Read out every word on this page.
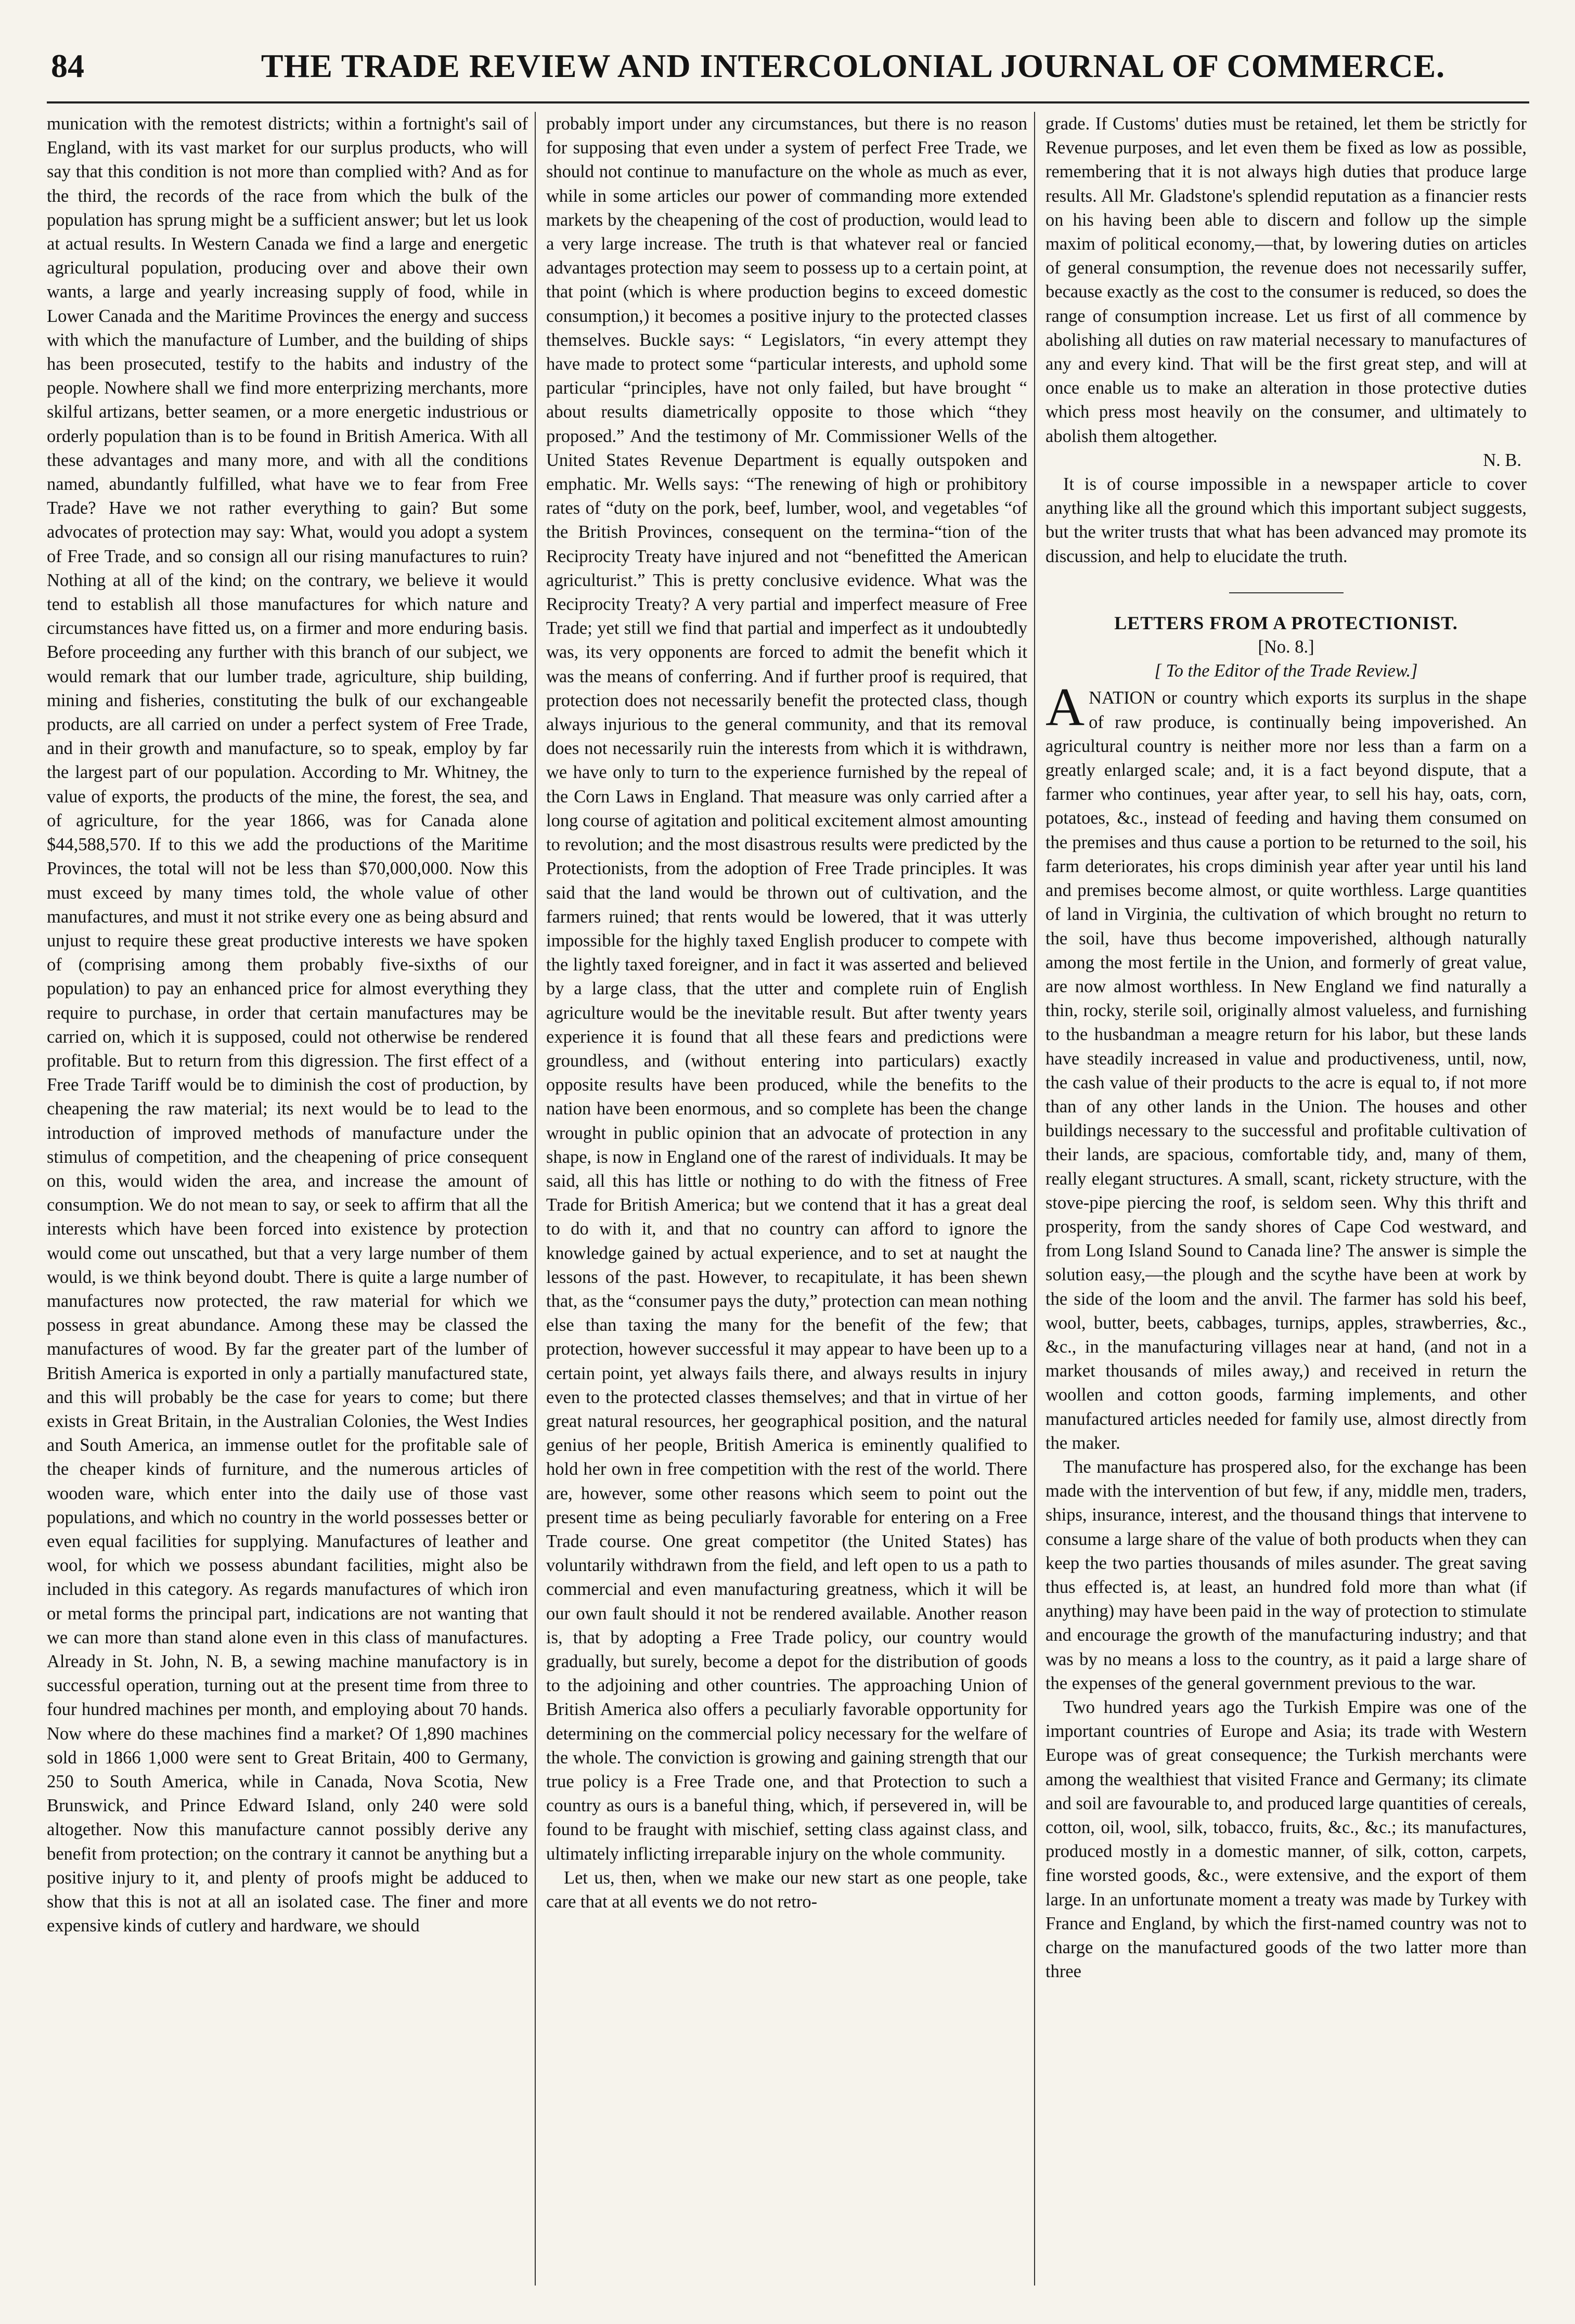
84	THE TRADE REVIEW AND INTERCOLONIAL JOURNAL OF COMMERCE.

munication with the remotest districts; within a fortnight's sail of England, with its vast market for our surplus products, who will say that this condition is not more than complied with? And as for the third, the records of the race from which the bulk of the population has sprung might be a sufficient answer; but let us look at actual results. In Western Canada we find a large and energetic agricultural population, producing over and above their own wants, a large and yearly increasing supply of food, while in Lower Canada and the Maritime Provinces the energy and success with which the manufacture of Lumber, and the building of ships has been prosecuted, testify to the habits and industry of the people. Nowhere shall we find more enterprizing merchants, more skilful artizans, better seamen, or a more energetic industrious or orderly population than is to be found in British America. With all these advantages and many more, and with all the conditions named, abundantly fulfilled, what have we to fear from Free Trade? Have we not rather everything to gain? But some advocates of protection may say: What, would you adopt a system of Free Trade, and so consign all our rising manufactures to ruin? Nothing at all of the kind; on the contrary, we believe it would tend to establish all those manufactures for which nature and circumstances have fitted us, on a firmer and more enduring basis. Before proceeding any further with this branch of our subject, we would remark that our lumber trade, agriculture, ship building, mining and fisheries, constituting the bulk of our exchangeable products, are all carried on under a perfect system of Free Trade, and in their growth and manufacture, so to speak, employ by far the largest part of our population. According to Mr. Whitney, the value of exports, the products of the mine, the forest, the sea, and of agriculture, for the year 1866, was for Canada alone $44,588,570. If to this we add the productions of the Maritime Provinces, the total will not be less than $70,000,000. Now this must exceed by many times told, the whole value of other manufactures, and must it not strike every one as being absurd and unjust to require these great productive interests we have spoken of (comprising among them probably five-sixths of our population) to pay an enhanced price for almost everything they require to purchase, in order that certain manufactures may be carried on, which it is supposed, could not otherwise be rendered profitable. But to return from this digression. The first effect of a Free Trade Tariff would be to diminish the cost of production, by cheapening the raw material; its next would be to lead to the introduction of improved methods of manufacture under the stimulus of competition, and the cheapening of price consequent on this, would widen the area, and increase the amount of consumption. We do not mean to say, or seek to affirm that all the interests which have been forced into existence by protection would come out unscathed, but that a very large number of them would, is we think beyond doubt. There is quite a large number of manufactures now protected, the raw material for which we possess in great abundance. Among these may be classed the manufactures of wood. By far the greater part of the lumber of British America is exported in only a partially manufactured state, and this will probably be the case for years to come; but there exists in Great Britain, in the Australian Colonies, the West Indies and South America, an immense outlet for the profitable sale of the cheaper kinds of furniture, and the numerous articles of wooden ware, which enter into the daily use of those vast populations, and which no country in the world possesses better or even equal facilities for supplying. Manufactures of leather and wool, for which we possess abundant facilities, might also be included in this category. As regards manufactures of which iron or metal forms the principal part, indications are not wanting that we can more than stand alone even in this class of manufactures. Already in St. John, N. B, a sewing machine manufactory is in successful operation, turning out at the present time from three to four hundred machines per month, and employing about 70 hands. Now where do these machines find a market? Of 1,890 machines sold in 1866 1,000 were sent to Great Britain, 400 to Germany, 250 to South America, while in Canada, Nova Scotia, New Brunswick, and Prince Edward Island, only 240 were sold altogether. Now this manufacture cannot possibly derive any benefit from protection; on the contrary it cannot be anything but a positive injury to it, and plenty of proofs might be adduced to show that this is not at all an isolated case. The finer and more expensive kinds of cutlery and hardware, we should

probably import under any circumstances, but there is no reason for supposing that even under a system of perfect Free Trade, we should not continue to manufacture on the whole as much as ever, while in some articles our power of commanding more extended markets by the cheapening of the cost of production, would lead to a very large increase. The truth is that whatever real or fancied advantages protection may seem to possess up to a certain point, at that point (which is where production begins to exceed domestic consumption,) it becomes a positive injury to the protected classes themselves. Buckle says: “ Legislators, “in every attempt they have made to protect some “particular interests, and uphold some particular “principles, have not only failed, but have brought “ about results diametrically opposite to those which “they proposed.” And the testimony of Mr. Commissioner Wells of the United States Revenue Department is equally outspoken and emphatic. Mr. Wells says: “The renewing of high or prohibitory rates of “duty on the pork, beef, lumber, wool, and vegetables “of the British Provinces, consequent on the termina-“tion of the Reciprocity Treaty have injured and not “benefitted the American agriculturist.” This is pretty conclusive evidence. What was the Reciprocity Treaty? A very partial and imperfect measure of Free Trade; yet still we find that partial and imperfect as it undoubtedly was, its very opponents are forced to admit the benefit which it was the means of conferring. And if further proof is required, that protection does not necessarily benefit the protected class, though always injurious to the general community, and that its removal does not necessarily ruin the interests from which it is withdrawn, we have only to turn to the experience furnished by the repeal of the Corn Laws in England. That measure was only carried after a long course of agitation and political excitement almost amounting to revolution; and the most disastrous results were predicted by the Protectionists, from the adoption of Free Trade principles. It was said that the land would be thrown out of cultivation, and the farmers ruined; that rents would be lowered, that it was utterly impossible for the highly taxed English producer to compete with the lightly taxed foreigner, and in fact it was asserted and believed by a large class, that the utter and complete ruin of English agriculture would be the inevitable result. But after twenty years experience it is found that all these fears and predictions were groundless, and (without entering into particulars) exactly opposite results have been produced, while the benefits to the nation have been enormous, and so complete has been the change wrought in public opinion that an advocate of protection in any shape, is now in England one of the rarest of individuals. It may be said, all this has little or nothing to do with the fitness of Free Trade for British America; but we contend that it has a great deal to do with it, and that no country can afford to ignore the knowledge gained by actual experience, and to set at naught the lessons of the past. However, to recapitulate, it has been shewn that, as the “consumer pays the duty,” protection can mean nothing else than taxing the many for the benefit of the few; that protection, however successful it may appear to have been up to a certain point, yet always fails there, and always results in injury even to the protected classes themselves; and that in virtue of her great natural resources, her geographical position, and the natural genius of her people, British America is eminently qualified to hold her own in free competition with the rest of the world. There are, however, some other reasons which seem to point out the present time as being peculiarly favorable for entering on a Free Trade course. One great competitor (the United States) has voluntarily withdrawn from the field, and left open to us a path to commercial and even manufacturing greatness, which it will be our own fault should it not be rendered available. Another reason is, that by adopting a Free Trade policy, our country would gradually, but surely, become a depot for the distribution of goods to the adjoining and other countries. The approaching Union of British America also offers a peculiarly favorable opportunity for determining on the commercial policy necessary for the welfare of the whole. The conviction is growing and gaining strength that our true policy is a Free Trade one, and that Protection to such a country as ours is a baneful thing, which, if persevered in, will be found to be fraught with mischief, setting class against class, and ultimately inflicting irreparable injury on the whole community.

Let us, then, when we make our new start as one people, take care that at all events we do not retro-

grade. If Customs' duties must be retained, let them be strictly for Revenue purposes, and let even them be fixed as low as possible, remembering that it is not always high duties that produce large results. All Mr. Gladstone's splendid reputation as a financier rests on his having been able to discern and follow up the simple maxim of political economy,—that, by lowering duties on articles of general consumption, the revenue does not necessarily suffer, because exactly as the cost to the consumer is reduced, so does the range of consumption increase. Let us first of all commence by abolishing all duties on raw material necessary to manufactures of any and every kind. That will be the first great step, and will at once enable us to make an alteration in those protective duties which press most heavily on the consumer, and ultimately to abolish them altogether.

N. B.

It is of course impossible in a newspaper article to cover anything like all the ground which this important subject suggests, but the writer trusts that what has been advanced may promote its discussion, and help to elucidate the truth.

LETTERS FROM A PROTECTIONIST.

[No. 8.]

[ To the Editor of the Trade Review.]

ANATION or country which exports its surplus in the shape of raw produce, is continually being impoverished. An agricultural country is neither more nor less than a farm on a greatly enlarged scale; and, it is a fact beyond dispute, that a farmer who continues, year after year, to sell his hay, oats, corn, potatoes, &c., instead of feeding and having them consumed on the premises and thus cause a portion to be returned to the soil, his farm deteriorates, his crops diminish year after year until his land and premises become almost, or quite worthless. Large quantities of land in Virginia, the cultivation of which brought no return to the soil, have thus become impoverished, although naturally among the most fertile in the Union, and formerly of great value, are now almost worthless. In New England we find naturally a thin, rocky, sterile soil, originally almost valueless, and furnishing to the husbandman a meagre return for his labor, but these lands have steadily increased in value and productiveness, until, now, the cash value of their products to the acre is equal to, if not more than of any other lands in the Union. The houses and other buildings necessary to the successful and profitable cultivation of their lands, are spacious, comfortable tidy, and, many of them, really elegant structures. A small, scant, rickety structure, with the stove-pipe piercing the roof, is seldom seen. Why this thrift and prosperity, from the sandy shores of Cape Cod westward, and from Long Island Sound to Canada line? The answer is simple the solution easy,—the plough and the scythe have been at work by the side of the loom and the anvil. The farmer has sold his beef, wool, butter, beets, cabbages, turnips, apples, strawberries, &c., &c., in the manufacturing villages near at hand, (and not in a market thousands of miles away,) and received in return the woollen and cotton goods, farming implements, and other manufactured articles needed for family use, almost directly from the maker.

The manufacture has prospered also, for the exchange has been made with the intervention of but few, if any, middle men, traders, ships, insurance, interest, and the thousand things that intervene to consume a large share of the value of both products when they can keep the two parties thousands of miles asunder. The great saving thus effected is, at least, an hundred fold more than what (if anything) may have been paid in the way of protection to stimulate and encourage the growth of the manufacturing industry; and that was by no means a loss to the country, as it paid a large share of the expenses of the general government previous to the war.

Two hundred years ago the Turkish Empire was one of the important countries of Europe and Asia; its trade with Western Europe was of great consequence; the Turkish merchants were among the wealthiest that visited France and Germany; its climate and soil are favourable to, and produced large quantities of cereals, cotton, oil, wool, silk, tobacco, fruits, &c., &c.; its manufactures, produced mostly in a domestic manner, of silk, cotton, carpets, fine worsted goods, &c., were extensive, and the export of them large. In an unfortunate moment a treaty was made by Turkey with France and England, by which the first-named country was not to charge on the manufactured goods of the two latter more than three
